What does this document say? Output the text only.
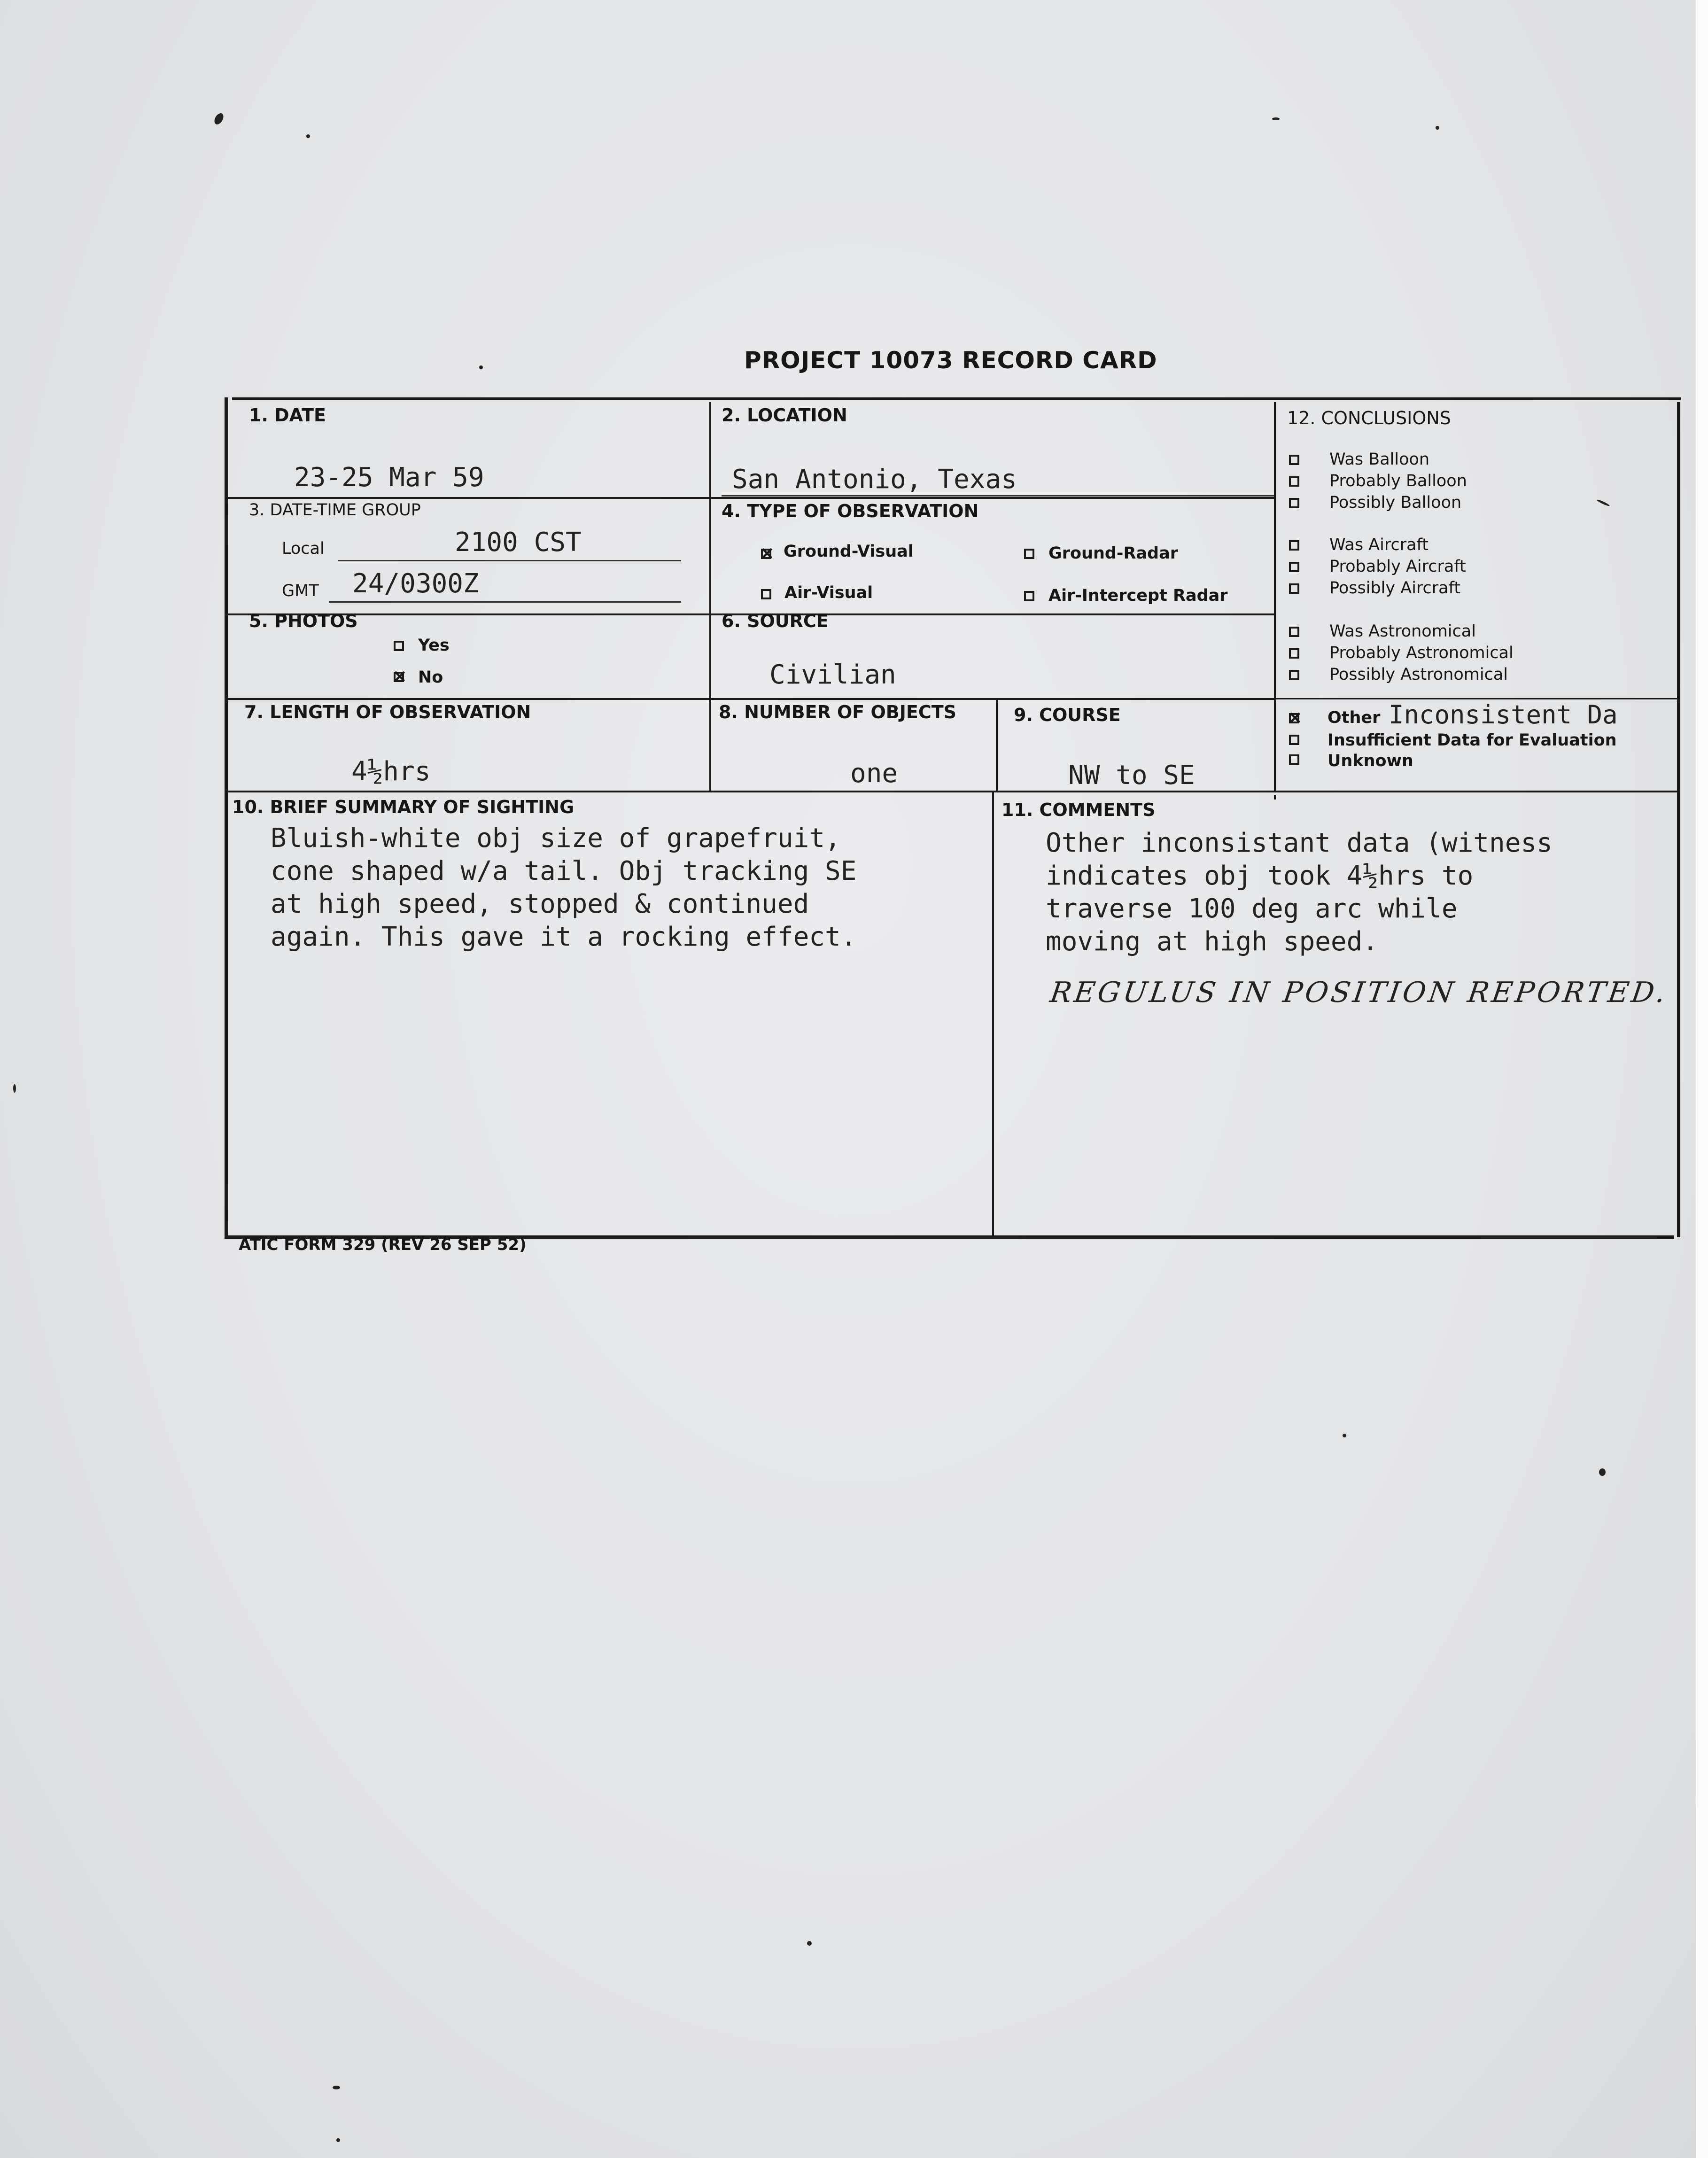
PROJECT 10073 RECORD CARD
1. DATE
23-25 Mar 59
2. LOCATION
San Antonio, Texas
3. DATE-TIME GROUP
Local	2100 CST
GMT 24/0300Z
4. TYPE OF OBSERVATION
×
Ground-Visual	Ground-Radar
Air-Visual	Air-Intercept Radar
5. PHOTOS
Yes
×
No
6. SOURCE
Civilian
7. LENGTH OF OBSERVATION
4½hrs
8. NUMBER OF OBJECTS
one
9. COURSE
NW to SE
10. BRIEF SUMMARY OF SIGHTING
Bluish-white obj size of grapefruit,
cone shaped w/a tail. Obj tracking SE
at high speed, stopped & continued
again. This gave it a rocking effect.
11. COMMENTS
Other inconsistant data (witness
indicates obj took 4½hrs to
traverse 100 deg arc while
moving at high speed.
REGULUS IN POSITION REPORTED.
12. CONCLUSIONS
Was Balloon
Probably Balloon
Possibly Balloon
Was Aircraft
Probably Aircraft
Possibly Aircraft
Was Astronomical
Probably Astronomical
Possibly Astronomical
×
Other Inconsistent Da
Insufficient Data for Evaluation
Unknown
ATIC FORM 329 (REV 26 SEP 52)
